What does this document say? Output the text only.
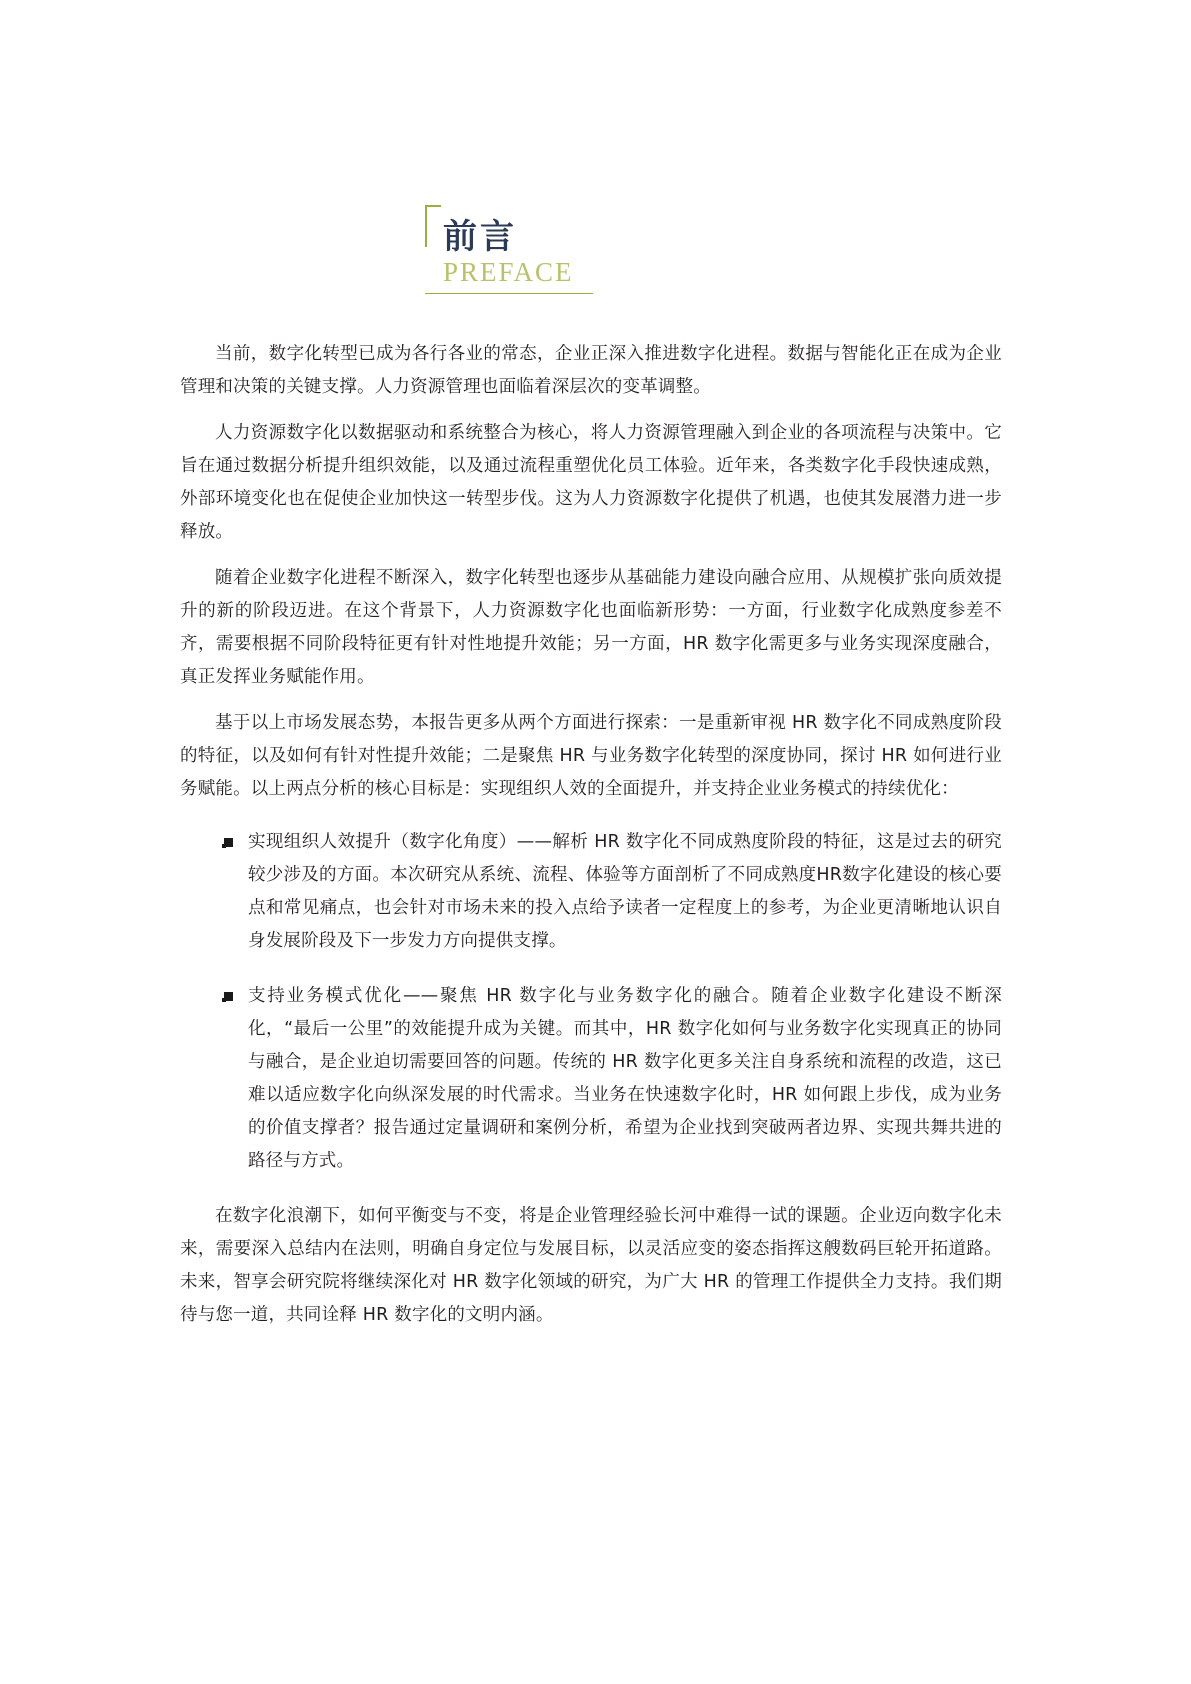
前言
PREFACE

当前，数字化转型已成为各行各业的常态，企业正深入推进数字化进程。数据与智能化正在成为企业管理和决策的关键支撑。人力资源管理也面临着深层次的变革调整。

人力资源数字化以数据驱动和系统整合为核心，将人力资源管理融入到企业的各项流程与决策中。它旨在通过数据分析提升组织效能，以及通过流程重塑优化员工体验。近年来，各类数字化手段快速成熟，外部环境变化也在促使企业加快这一转型步伐。这为人力资源数字化提供了机遇，也使其发展潜力进一步释放。

随着企业数字化进程不断深入，数字化转型也逐步从基础能力建设向融合应用、从规模扩张向质效提升的新的阶段迈进。在这个背景下，人力资源数字化也面临新形势：一方面，行业数字化成熟度参差不齐，需要根据不同阶段特征更有针对性地提升效能；另一方面，HR 数字化需更多与业务实现深度融合，真正发挥业务赋能作用。

基于以上市场发展态势，本报告更多从两个方面进行探索：一是重新审视 HR 数字化不同成熟度阶段的特征，以及如何有针对性提升效能；二是聚焦 HR 与业务数字化转型的深度协同，探讨 HR 如何进行业务赋能。以上两点分析的核心目标是：实现组织人效的全面提升，并支持企业业务模式的持续优化：

实现组织人效提升（数字化角度）——解析 HR 数字化不同成熟度阶段的特征，这是过去的研究较少涉及的方面。本次研究从系统、流程、体验等方面剖析了不同成熟度HR数字化建设的核心要点和常见痛点，也会针对市场未来的投入点给予读者一定程度上的参考，为企业更清晰地认识自身发展阶段及下一步发力方向提供支撑。
支持业务模式优化——聚焦 HR 数字化与业务数字化的融合。随着企业数字化建设不断深化，“最后一公里”的效能提升成为关键。而其中，HR 数字化如何与业务数字化实现真正的协同与融合，是企业迫切需要回答的问题。传统的 HR 数字化更多关注自身系统和流程的改造，这已难以适应数字化向纵深发展的时代需求。当业务在快速数字化时，HR 如何跟上步伐，成为业务的价值支撑者？报告通过定量调研和案例分析，希望为企业找到突破两者边界、实现共舞共进的路径与方式。

在数字化浪潮下，如何平衡变与不变，将是企业管理经验长河中难得一试的课题。企业迈向数字化未来，需要深入总结内在法则，明确自身定位与发展目标，以灵活应变的姿态指挥这艘数码巨轮开拓道路。未来，智享会研究院将继续深化对 HR 数字化领域的研究，为广大 HR 的管理工作提供全力支持。我们期待与您一道，共同诠释 HR 数字化的文明内涵。
